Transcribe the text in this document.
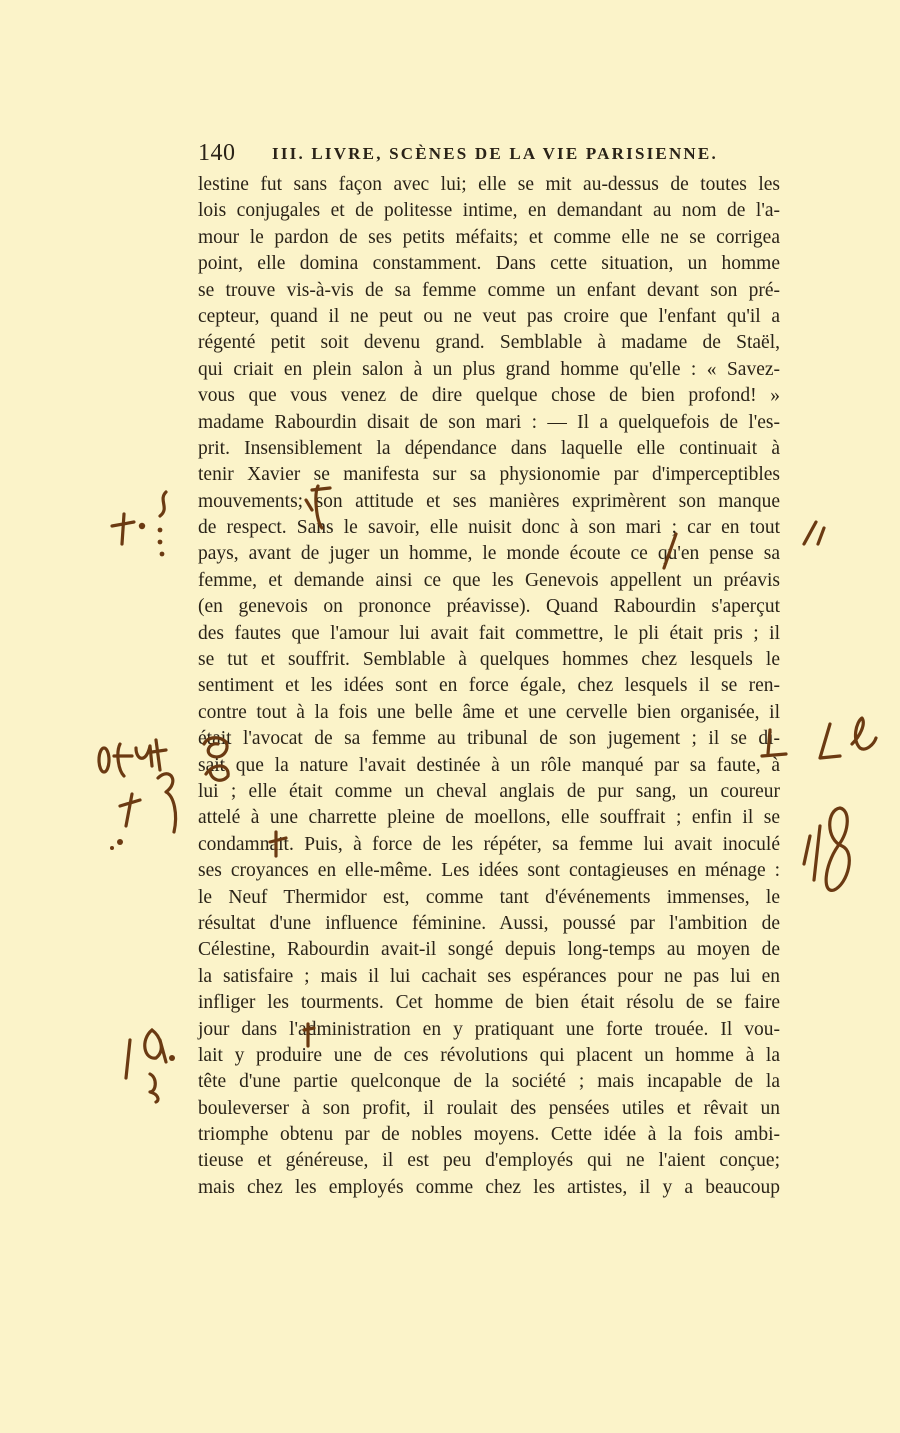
140 III. LIVRE, SCÈNES DE LA VIE PARISIENNE.
lestine fut sans façon avec lui; elle se mit au-dessus de toutes les
lois conjugales et de politesse intime, en demandant au nom de l'a-
mour le pardon de ses petits méfaits; et comme elle ne se corrigea
point, elle domina constamment. Dans cette situation, un homme
se trouve vis-à-vis de sa femme comme un enfant devant son pré-
cepteur, quand il ne peut ou ne veut pas croire que l'enfant qu'il a
régenté petit soit devenu grand. Semblable à madame de Staël,
qui criait en plein salon à un plus grand homme qu'elle : « Savez-
vous que vous venez de dire quelque chose de bien profond! »
madame Rabourdin disait de son mari : — Il a quelquefois de l'es-
prit. Insensiblement la dépendance dans laquelle elle continuait à
tenir Xavier se manifesta sur sa physionomie par d'imperceptibles
mouvements; son attitude et ses manières exprimèrent son manque
de respect. Sans le savoir, elle nuisit donc à son mari ; car en tout
pays, avant de juger un homme, le monde écoute ce qu'en pense sa
femme, et demande ainsi ce que les Genevois appellent un préavis
(en genevois on prononce préavisse). Quand Rabourdin s'aperçut
des fautes que l'amour lui avait fait commettre, le pli était pris ; il
se tut et souffrit. Semblable à quelques hommes chez lesquels le
sentiment et les idées sont en force égale, chez lesquels il se ren-
contre tout à la fois une belle âme et une cervelle bien organisée, il
était l'avocat de sa femme au tribunal de son jugement ; il se di-
sait que la nature l'avait destinée à un rôle manqué par sa faute, à
lui ; elle était comme un cheval anglais de pur sang, un coureur
attelé à une charrette pleine de moellons, elle souffrait ; enfin il se
condamnait. Puis, à force de les répéter, sa femme lui avait inoculé
ses croyances en elle-même. Les idées sont contagieuses en ménage :
le Neuf Thermidor est, comme tant d'événements immenses, le
résultat d'une influence féminine. Aussi, poussé par l'ambition de
Célestine, Rabourdin avait-il songé depuis long-temps au moyen de
la satisfaire ; mais il lui cachait ses espérances pour ne pas lui en
infliger les tourments. Cet homme de bien était résolu de se faire
jour dans l'administration en y pratiquant une forte trouée. Il vou-
lait y produire une de ces révolutions qui placent un homme à la
tête d'une partie quelconque de la société ; mais incapable de la
bouleverser à son profit, il roulait des pensées utiles et rêvait un
triomphe obtenu par de nobles moyens. Cette idée à la fois ambi-
tieuse et généreuse, il est peu d'employés qui ne l'aient conçue;
mais chez les employés comme chez les artistes, il y a beaucoup
